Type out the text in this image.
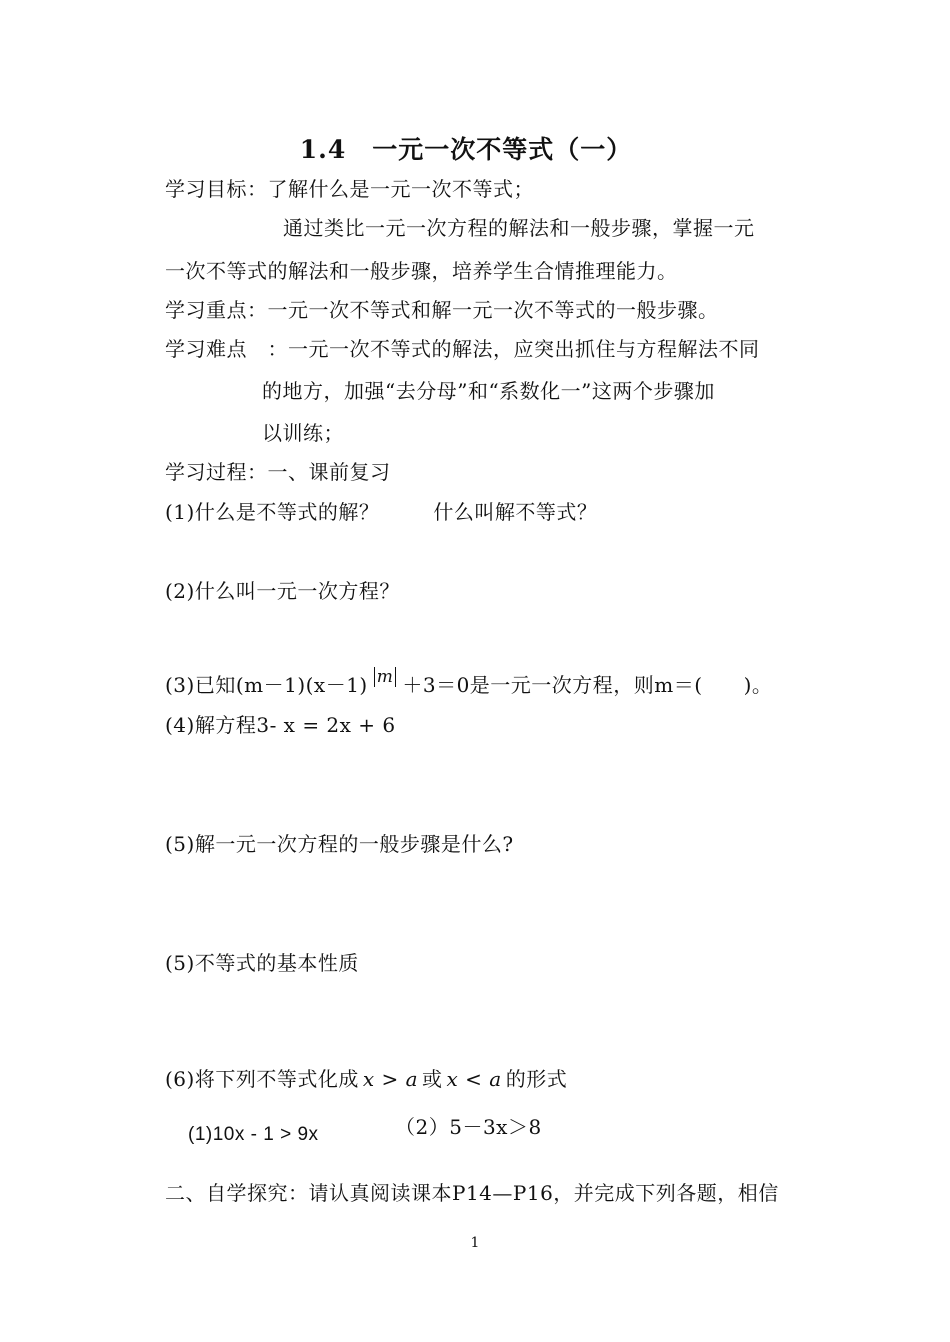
1.4　一元一次不等式（一）
学习目标：了解什么是一元一次不等式；
通过类比一元一次方程的解法和一般步骤，掌握一元
一次不等式的解法和一般步骤，培养学生合情推理能力。
学习重点：一元一次不等式和解一元一次不等式的一般步骤。
学习难点　：一元一次不等式的解法，应突出抓住与方程解法不同
的地方，加强“去分母”和“系数化一”这两个步骤加
以训练；
学习过程：一、课前复习
(1)什么是不等式的解？	什么叫解不等式？
(2)什么叫一元一次方程？
(3)已知(m－1)(x－1) m ＋3＝0是一元一次方程，则m＝(　　)。
(4)解方程3- x = 2x + 6
(5)解一元一次方程的一般步骤是什么?
(5)不等式的基本性质
(6)将下列不等式化成 x > a 或 x < a 的形式
(1)10x - 1 > 9x	（2）5－3x＞8
二、自学探究：请认真阅读课本P14—P16，并完成下列各题，相信
1
